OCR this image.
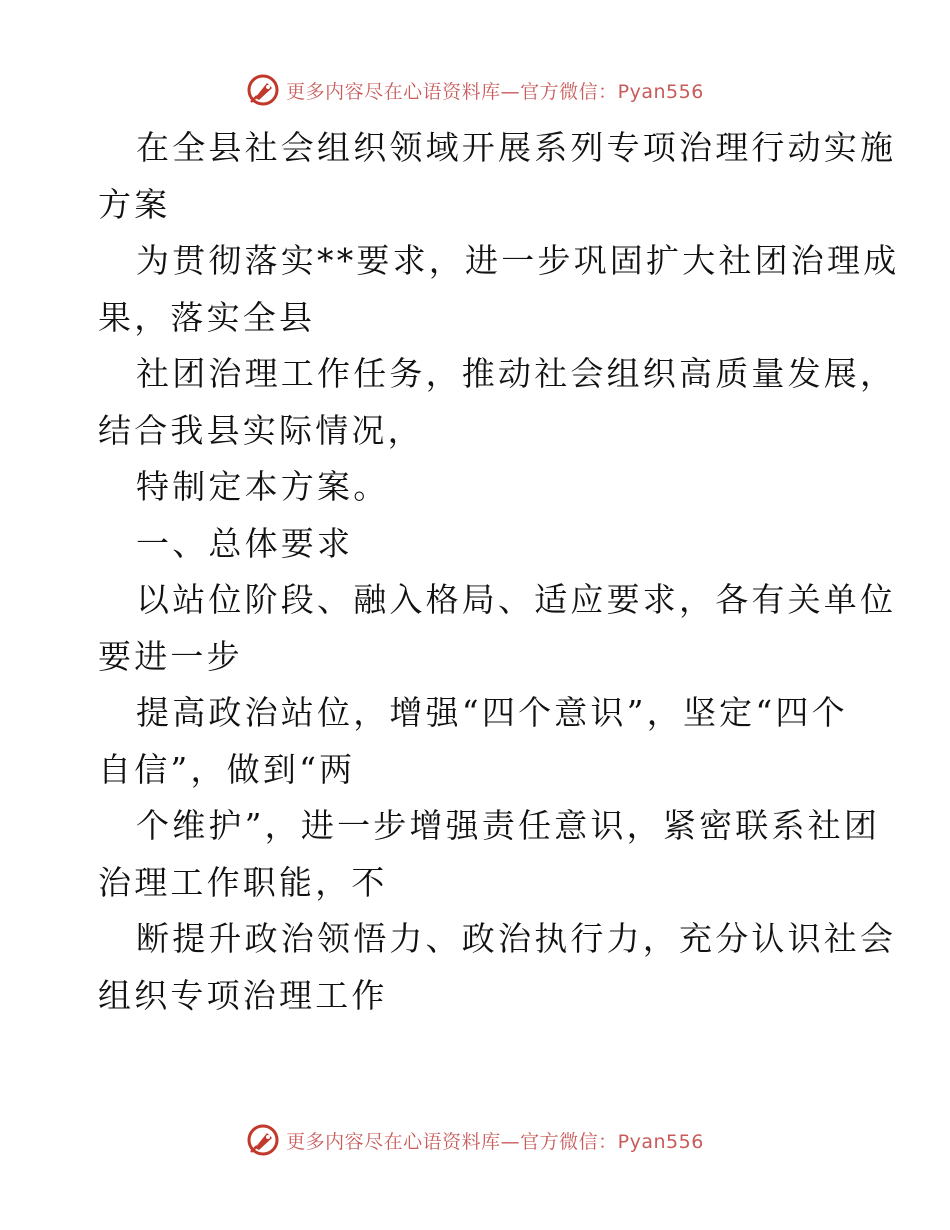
更多内容尽在心语资料库—官方微信：Pyan556
在全县社会组织领域开展系列专项治理行动实施
方案
为贯彻落实**要求，进一步巩固扩大社团治理成
果，落实全县
社团治理工作任务，推动社会组织高质量发展，
结合我县实际情况，
特制定本方案。
一、总体要求
以站位阶段、融入格局、适应要求，各有关单位
要进一步
提高政治站位，增强“四个意识”，坚定“四个
自信”，做到“两
个维护”，进一步增强责任意识，紧密联系社团
治理工作职能，不
断提升政治领悟力、政治执行力，充分认识社会
组织专项治理工作
更多内容尽在心语资料库—官方微信：Pyan556
